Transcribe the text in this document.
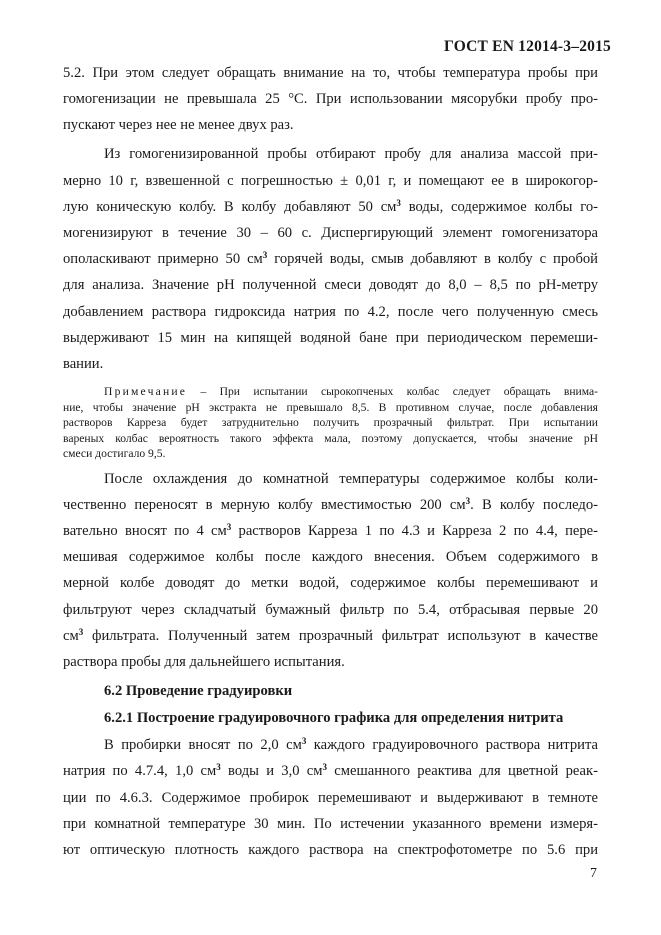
ГОСТ EN 12014-3–2015
5.2. При этом следует обращать внимание на то, чтобы температура пробы при
гомогенизации не превышала 25 °С. При использовании мясорубки пробу про-
пускают через нее не менее двух раз.
Из гомогенизированной пробы отбирают пробу для анализа массой при-
мерно 10 г, взвешенной с погрешностью ± 0,01 г, и помещают ее в широкогор-
лую коническую колбу. В колбу добавляют 50 $см^3$ воды, содержимое колбы го-
могенизируют в течение 30 – 60 с. Диспергирующий элемент гомогенизатора
ополаскивают примерно 50 $см^3$ горячей воды, смыв добавляют в колбу с пробой
для анализа. Значение рН полученной смеси доводят до 8,0 – 8,5 по рН-метру
добавлением раствора гидроксида натрия по 4.2, после чего полученную смесь
выдерживают 15 мин на кипящей водяной бане при периодическом перемеши-
вании.
Примечание – При испытании сырокопченых колбас следует обращать внима-
ние, чтобы значение рН экстракта не превышало 8,5. В противном случае, после добавления
растворов Карреза будет затруднительно получить прозрачный фильтрат. При испытании
вареных колбас вероятность такого эффекта мала, поэтому допускается, чтобы значение рН
смеси достигало 9,5.
После охлаждения до комнатной температуры содержимое колбы коли-
чественно переносят в мерную колбу вместимостью 200 $см^3$. В колбу последо-
вательно вносят по 4 $см^3$ растворов Карреза 1 по 4.3 и Карреза 2 по 4.4, пере-
мешивая содержимое колбы после каждого внесения. Объем содержимого в
мерной колбе доводят до метки водой, содержимое колбы перемешивают и
фильтруют через складчатый бумажный фильтр по 5.4, отбрасывая первые 20
$см^3$ фильтрата. Полученный затем прозрачный фильтрат используют в качестве
раствора пробы для дальнейшего испытания.
6.2 Проведение градуировки
6.2.1 Построение градуировочного графика для определения нитрита
В пробирки вносят по 2,0 $см^3$ каждого градуировочного раствора нитрита
натрия по 4.7.4, 1,0 $см^3$ воды и 3,0 $см^3$ смешанного реактива для цветной реак-
ции по 4.6.3. Содержимое пробирок перемешивают и выдерживают в темноте
при комнатной температуре 30 мин. По истечении указанного времени измеря-
ют оптическую плотность каждого раствора на спектрофотометре по 5.6 при
7
